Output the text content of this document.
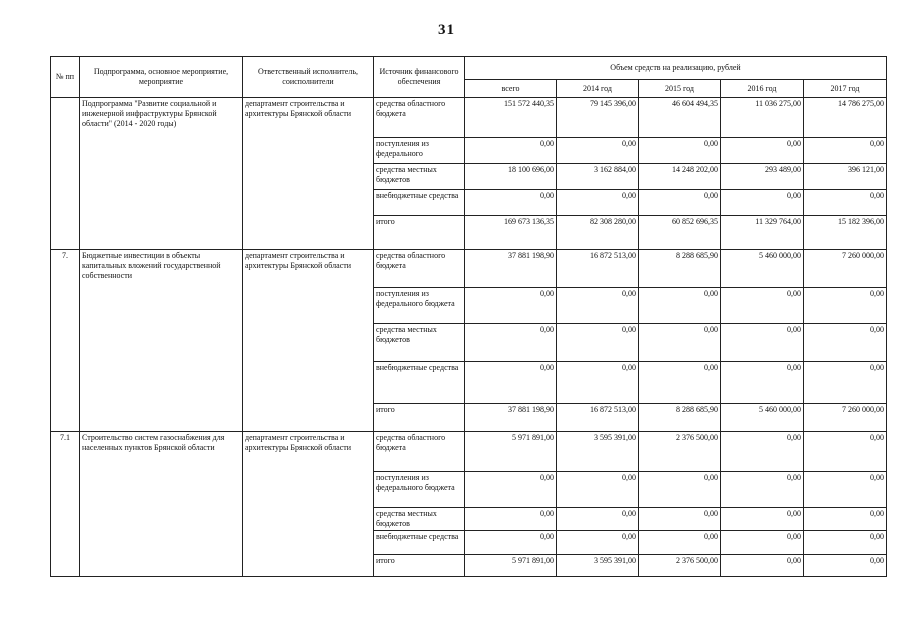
31
№ пп	Подпрограмма, основное мероприятие, мероприятие	Ответственный исполнитель, соисполнители	Источник финансового обеспечения	Объем средств на реализацию, рублей				
				всего	2014 год	2015 год	2016 год	2017 год
	Подпрограмма "Развитие социальной и инженерной инфраструктуры Брянской области" (2014 - 2020 годы)	департамент строительства и архитектуры Брянской области	средства областного бюджета	151 572 440,35	79 145 396,00	46 604 494,35	11 036 275,00	14 786 275,00
			поступления из федерального	0,00	0,00	0,00	0,00	0,00
			средства местных бюджетов	18 100 696,00	3 162 884,00	14 248 202,00	293 489,00	396 121,00
			внебюджетные средства	0,00	0,00	0,00	0,00	0,00
			итого	169 673 136,35	82 308 280,00	60 852 696,35	11 329 764,00	15 182 396,00
7.	Бюджетные инвестиции в объекты капитальных вложений государственной собственности	департамент строительства и архитектуры Брянской области	средства областного бюджета	37 881 198,90	16 872 513,00	8 288 685,90	5 460 000,00	7 260 000,00
			поступления из федерального бюджета	0,00	0,00	0,00	0,00	0,00
			средства местных бюджетов	0,00	0,00	0,00	0,00	0,00
			внебюджетные средства	0,00	0,00	0,00	0,00	0,00
			итого	37 881 198,90	16 872 513,00	8 288 685,90	5 460 000,00	7 260 000,00
7.1	Строительство систем газоснабжения для населенных пунктов Брянской области	департамент строительства и архитектуры Брянской области	средства областного бюджета	5 971 891,00	3 595 391,00	2 376 500,00	0,00	0,00
			поступления из федерального бюджета	0,00	0,00	0,00	0,00	0,00
			средства местных бюджетов	0,00	0,00	0,00	0,00	0,00
			внебюджетные средства	0,00	0,00	0,00	0,00	0,00
			итого	5 971 891,00	3 595 391,00	2 376 500,00	0,00	0,00
